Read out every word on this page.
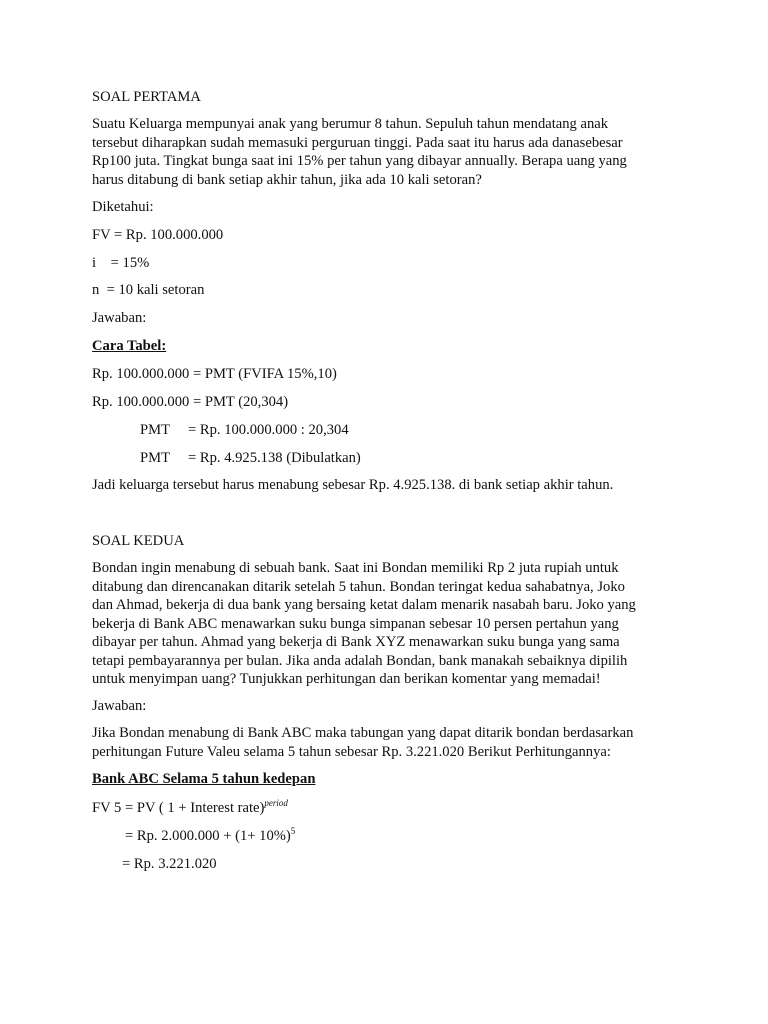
SOAL PERTAMA
Suatu Keluarga mempunyai anak yang berumur 8 tahun. Sepuluh tahun mendatang anak
tersebut diharapkan sudah memasuki perguruan tinggi. Pada saat itu harus ada danasebesar
Rp100 juta. Tingkat bunga saat ini 15% per tahun yang dibayar annually. Berapa uang yang
harus ditabung di bank setiap akhir tahun, jika ada 10 kali setoran?
Diketahui:
FV = Rp. 100.000.000
i    = 15%
n  = 10 kali setoran
Jawaban:
Cara Tabel:
Rp. 100.000.000 = PMT (FVIFA 15%,10)
Rp. 100.000.000 = PMT (20,304)
PMT     = Rp. 100.000.000 : 20,304
PMT     = Rp. 4.925.138 (Dibulatkan)
Jadi keluarga tersebut harus menabung sebesar Rp. 4.925.138. di bank setiap akhir tahun.
SOAL KEDUA
Bondan ingin menabung di sebuah bank. Saat ini Bondan memiliki Rp 2 juta rupiah untuk
ditabung dan direncanakan ditarik setelah 5 tahun. Bondan teringat kedua sahabatnya, Joko
dan Ahmad, bekerja di dua bank yang bersaing ketat dalam menarik nasabah baru. Joko yang
bekerja di Bank ABC menawarkan suku bunga simpanan sebesar 10 persen pertahun yang
dibayar per tahun. Ahmad yang bekerja di Bank XYZ menawarkan suku bunga yang sama
tetapi pembayarannya per bulan. Jika anda adalah Bondan, bank manakah sebaiknya dipilih
untuk menyimpan uang? Tunjukkan perhitungan dan berikan komentar yang memadai!
Jawaban:
Jika Bondan menabung di Bank ABC maka tabungan yang dapat ditarik bondan berdasarkan
perhitungan Future Valeu selama 5 tahun sebesar Rp. 3.221.020 Berikut Perhitungannya:
Bank ABC Selama 5 tahun kedepan
FV 5 = PV ( 1 + Interest rate)$^{period}$
= Rp. $2.000.000 + (1+ 10\%)^5$
= Rp. 3.221.020
